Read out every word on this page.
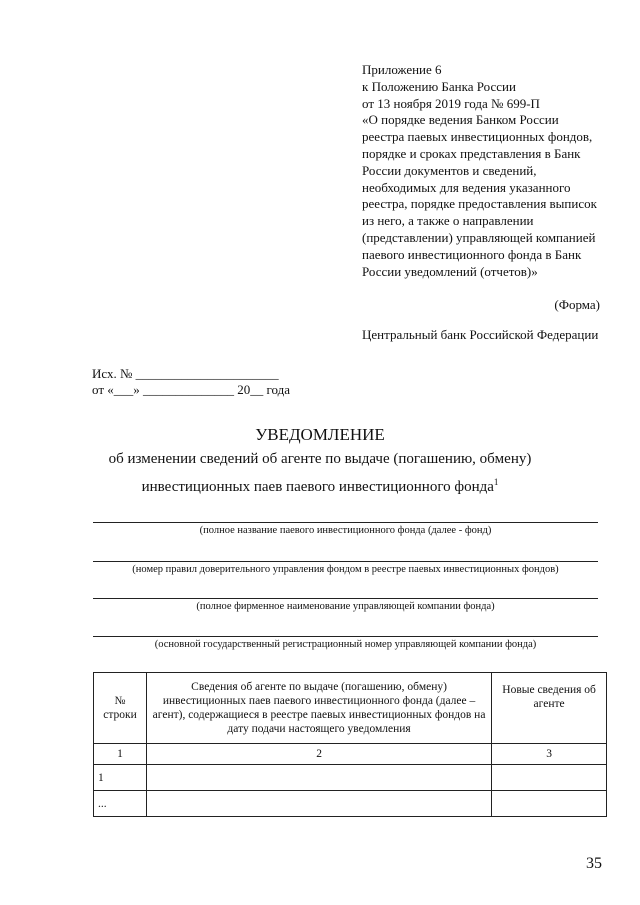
Приложение 6
к Положению Банка России
от 13 ноября 2019 года № 699-П
«О порядке ведения Банком России
реестра паевых инвестиционных фондов,
порядке и сроках представления в Банк
России документов и сведений,
необходимых для ведения указанного
реестра, порядке предоставления выписок
из него, а также о направлении
(представлении) управляющей компанией
паевого инвестиционного фонда в Банк
России уведомлений (отчетов)»
(Форма)
Центральный банк Российской Федерации
Исх. № ______________________
от «___» ______________ 20__ года
УВЕДОМЛЕНИЕ
об изменении сведений об агенте по выдаче (погашению, обмену)
инвестиционных паев паевого инвестиционного фонда$^1$
(полное название паевого инвестиционного фонда (далее - фонд)
(номер правил доверительного управления фондом в реестре паевых инвестиционных фондов)
(полное фирменное наименование управляющей компании фонда)
(основной государственный регистрационный номер управляющей компании фонда)
№ строки	Сведения об агенте по выдаче (погашению, обмену) инвестиционных паев паевого инвестиционного фонда (далее – агент), содержащиеся в реестре паевых инвестиционных фондов на дату подачи настоящего уведомления	Новые сведения об агенте
1	2	3
1		
...		
35
